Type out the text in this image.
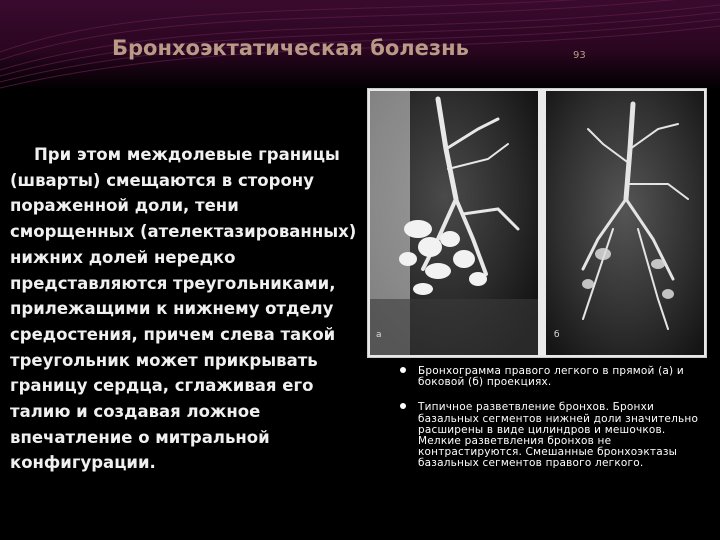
Бронхоэктатическая болезнь	93
При этом междолевые границы (шварты) смещаются в сторону пораженной доли, тени сморщенных (ателектазированных) нижних долей нередко представляются треугольниками, прилежащими к нижнему отделу средостения, причем слева такой треугольник может прикрывать границу сердца, сглаживая его талию и создавая ложное впечатление о митральной конфигурации.
а	б
Бронхограмма правого легкого в прямой (а) и боковой (б) проекциях.
Типичное разветвление бронхов. Бронхи базальных сегментов нижней доли значительно расширены в виде цилиндров и мешочков. Мелкие разветвления бронхов не контрастируются. Смешанные бронхоэктазы базальных сегментов правого легкого.
